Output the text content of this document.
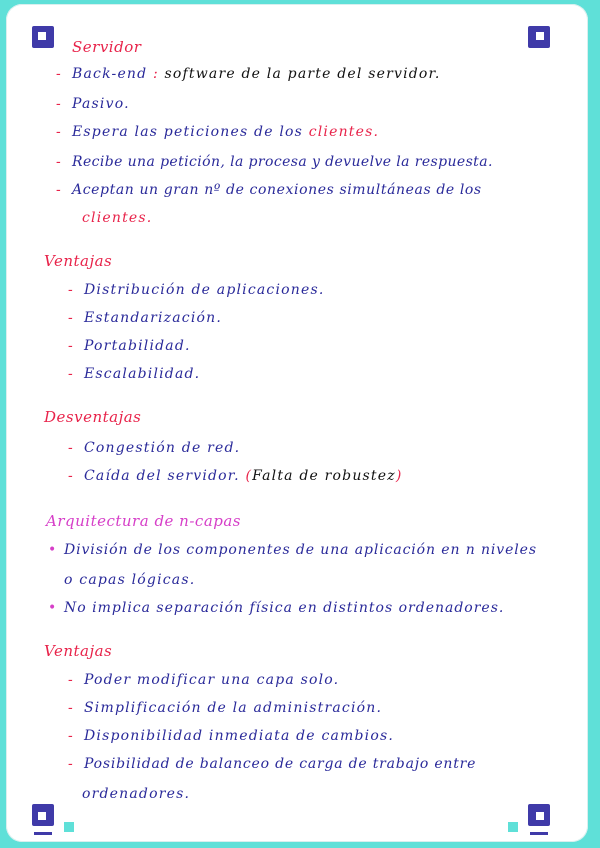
Servidor
- Back-end : software de la parte del servidor.
- Pasivo.
- Espera las peticiones de los clientes.
- Recibe una petición, la procesa y devuelve la respuesta.
- Aceptan un gran nº de conexiones simultáneas de los
clientes.
Ventajas
- Distribución de aplicaciones.
- Estandarización.
- Portabilidad.
- Escalabilidad.
Desventajas
- Congestión de red.
- Caída del servidor. (Falta de robustez)
Arquitectura de n-capas
• División de los componentes de una aplicación en n niveles
o capas lógicas.
• No implica separación física en distintos ordenadores.
Ventajas
- Poder modificar una capa solo.
- Simplificación de la administración.
- Disponibilidad inmediata de cambios.
- Posibilidad de balanceo de carga de trabajo entre
ordenadores.
